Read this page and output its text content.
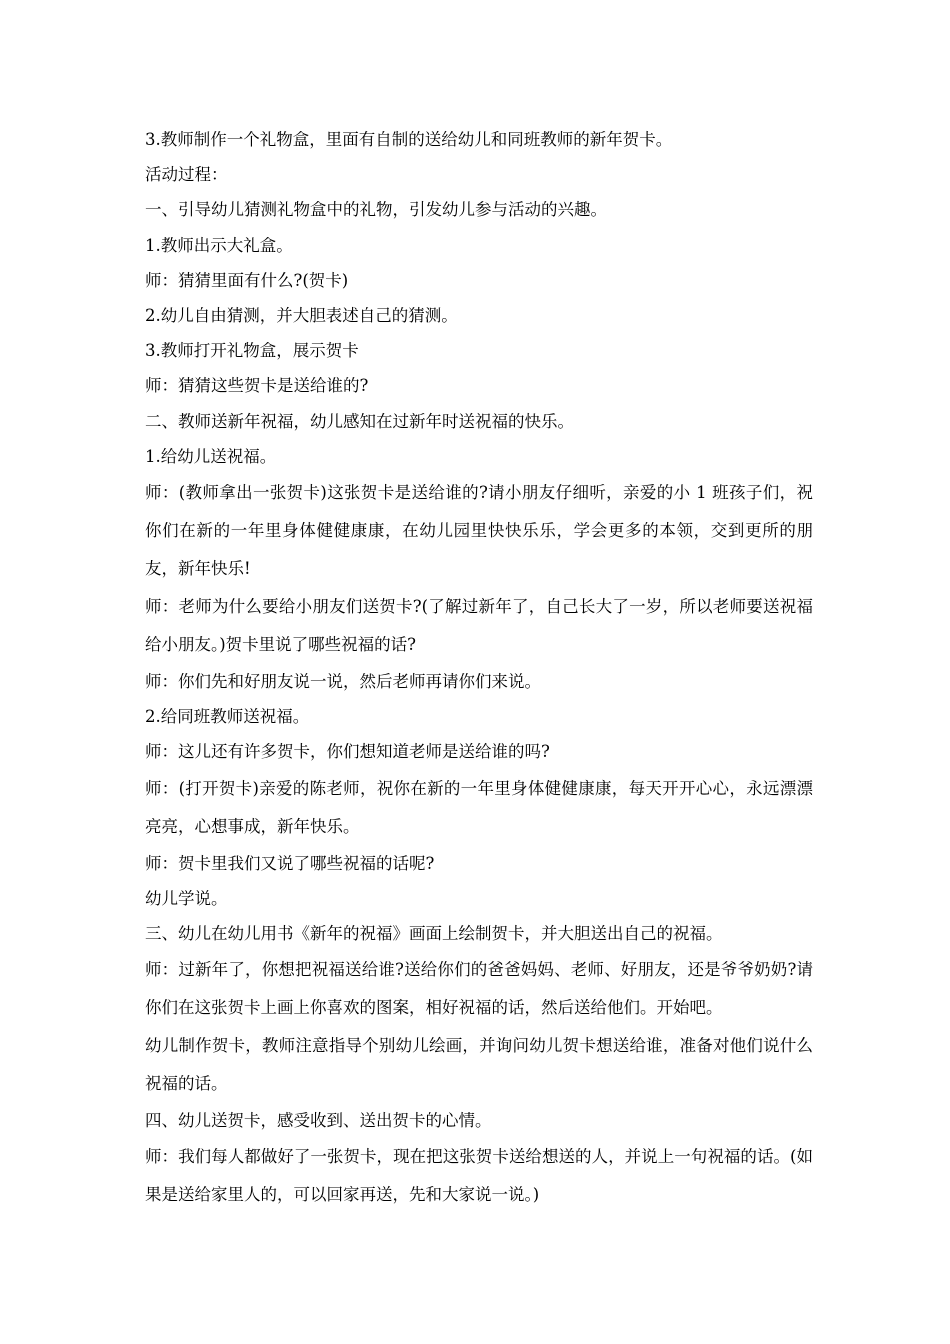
3.教师制作一个礼物盒，里面有自制的送给幼儿和同班教师的新年贺卡。

活动过程：

一、引导幼儿猜测礼物盒中的礼物，引发幼儿参与活动的兴趣。

1.教师出示大礼盒。

师：猜猜里面有什么?(贺卡)

2.幼儿自由猜测，并大胆表述自己的猜测。

3.教师打开礼物盒，展示贺卡

师：猜猜这些贺卡是送给谁的?

二、教师送新年祝福，幼儿感知在过新年时送祝福的快乐。

1.给幼儿送祝福。

师：(教师拿出一张贺卡)这张贺卡是送给谁的?请小朋友仔细听，亲爱的小 1 班孩子们，祝你们在新的一年里身体健健康康，在幼儿园里快快乐乐，学会更多的本领，交到更所的朋友，新年快乐!

师：老师为什么要给小朋友们送贺卡?(了解过新年了，自己长大了一岁，所以老师要送祝福给小朋友。)贺卡里说了哪些祝福的话?

师：你们先和好朋友说一说，然后老师再请你们来说。

2.给同班教师送祝福。

师：这儿还有许多贺卡，你们想知道老师是送给谁的吗?

师：(打开贺卡)亲爱的陈老师，祝你在新的一年里身体健健康康，每天开开心心，永远漂漂亮亮，心想事成，新年快乐。

师：贺卡里我们又说了哪些祝福的话呢?

幼儿学说。

三、幼儿在幼儿用书《新年的祝福》画面上绘制贺卡，并大胆送出自己的祝福。

师：过新年了，你想把祝福送给谁?送给你们的爸爸妈妈、老师、好朋友，还是爷爷奶奶?请你们在这张贺卡上画上你喜欢的图案，相好祝福的话，然后送给他们。开始吧。

幼儿制作贺卡，教师注意指导个别幼儿绘画，并询问幼儿贺卡想送给谁，准备对他们说什么祝福的话。

四、幼儿送贺卡，感受收到、送出贺卡的心情。

师：我们每人都做好了一张贺卡，现在把这张贺卡送给想送的人，并说上一句祝福的话。(如果是送给家里人的，可以回家再送，先和大家说一说。)
